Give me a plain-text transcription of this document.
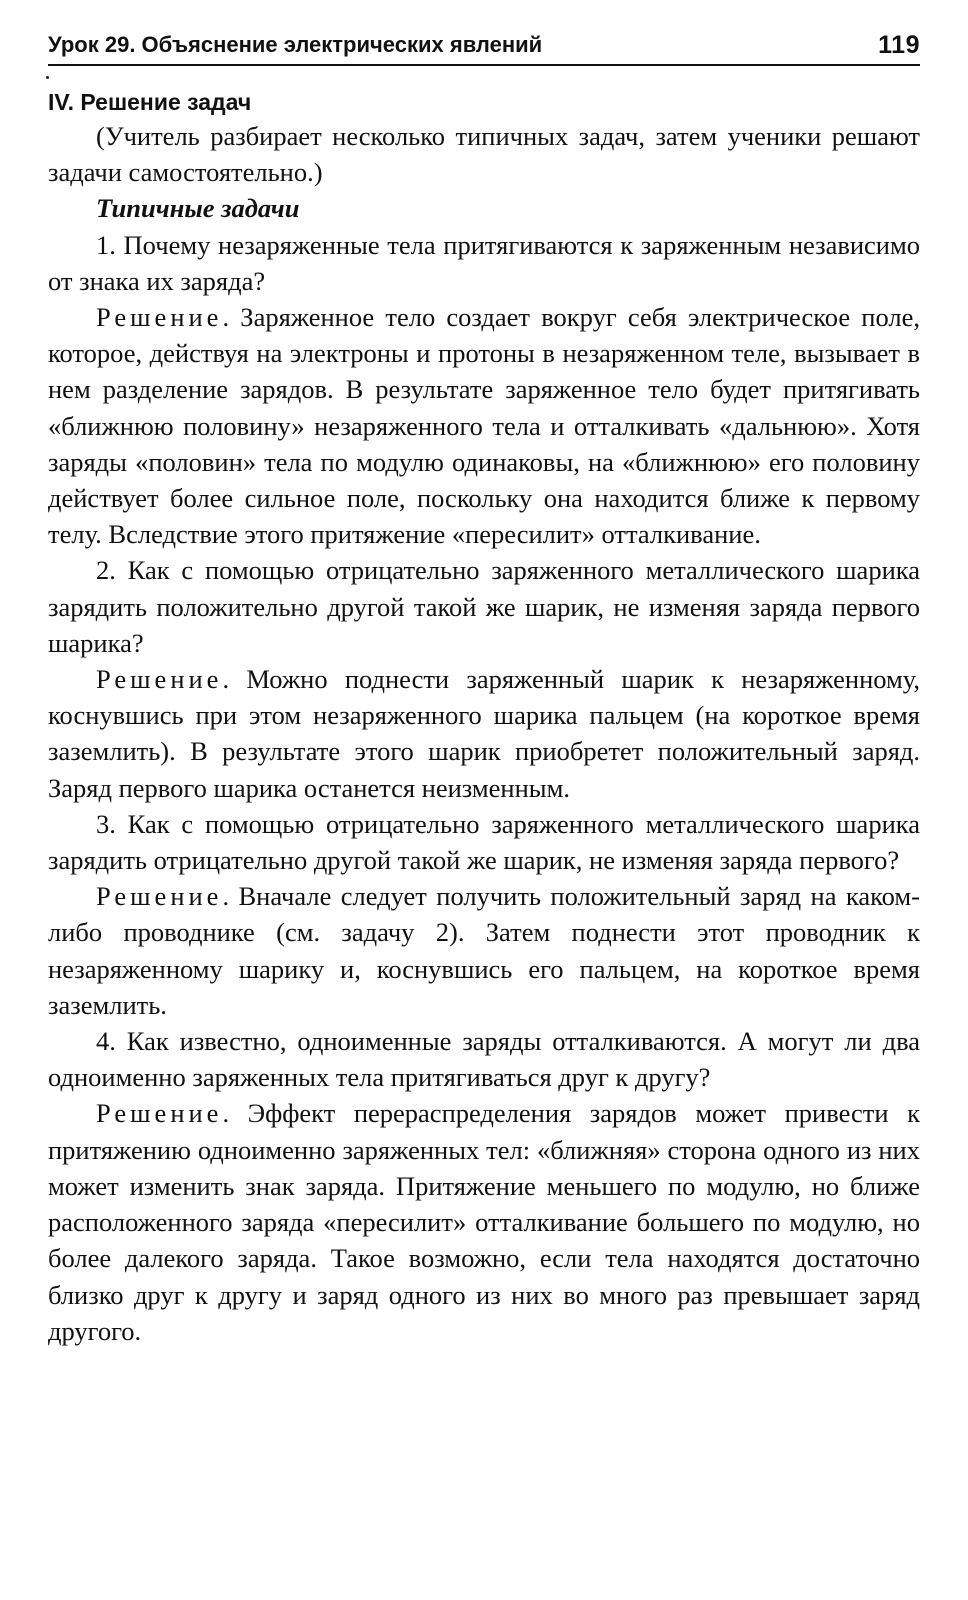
Урок 29. Объяснение электрических явлений	119
IV. Решение задач

(Учитель разбирает несколько типичных задач, затем ученики решают задачи самостоятельно.)

Типичные задачи

1. Почему незаряженные тела притягиваются к заряженным независимо от знака их заряда?

Решение. Заряженное тело создает вокруг себя электрическое поле, которое, действуя на электроны и протоны в незаряженном теле, вызывает в нем разделение зарядов. В результате заряженное тело будет притягивать «ближнюю половину» незаряженного тела и отталкивать «дальнюю». Хотя заряды «половин» тела по модулю одинаковы, на «ближнюю» его половину действует более сильное поле, поскольку она находится ближе к первому телу. Вследствие этого притяжение «пересилит» отталкивание.

2. Как с помощью отрицательно заряженного металлического шарика зарядить положительно другой такой же шарик, не изменяя заряда первого шарика?

Решение. Можно поднести заряженный шарик к незаряженному, коснувшись при этом незаряженного шарика пальцем (на короткое время заземлить). В результате этого шарик приобретет положительный заряд. Заряд первого шарика останется неизменным.

3. Как с помощью отрицательно заряженного металлического шарика зарядить отрицательно другой такой же шарик, не изменяя заряда первого?

Решение. Вначале следует получить положительный заряд на каком-либо проводнике (см. задачу 2). Затем поднести этот проводник к незаряженному шарику и, коснувшись его пальцем, на короткое время заземлить.

4. Как известно, одноименные заряды отталкиваются. А могут ли два одноименно заряженных тела притягиваться друг к другу?

Решение. Эффект перераспределения зарядов может привести к притяжению одноименно заряженных тел: «ближняя» сторона одного из них может изменить знак заряда. Притяжение меньшего по модулю, но ближе расположенного заряда «пересилит» отталкивание большего по модулю, но более далекого заряда. Такое возможно, если тела находятся достаточно близко друг к другу и заряд одного из них во много раз превышает заряд другого.
